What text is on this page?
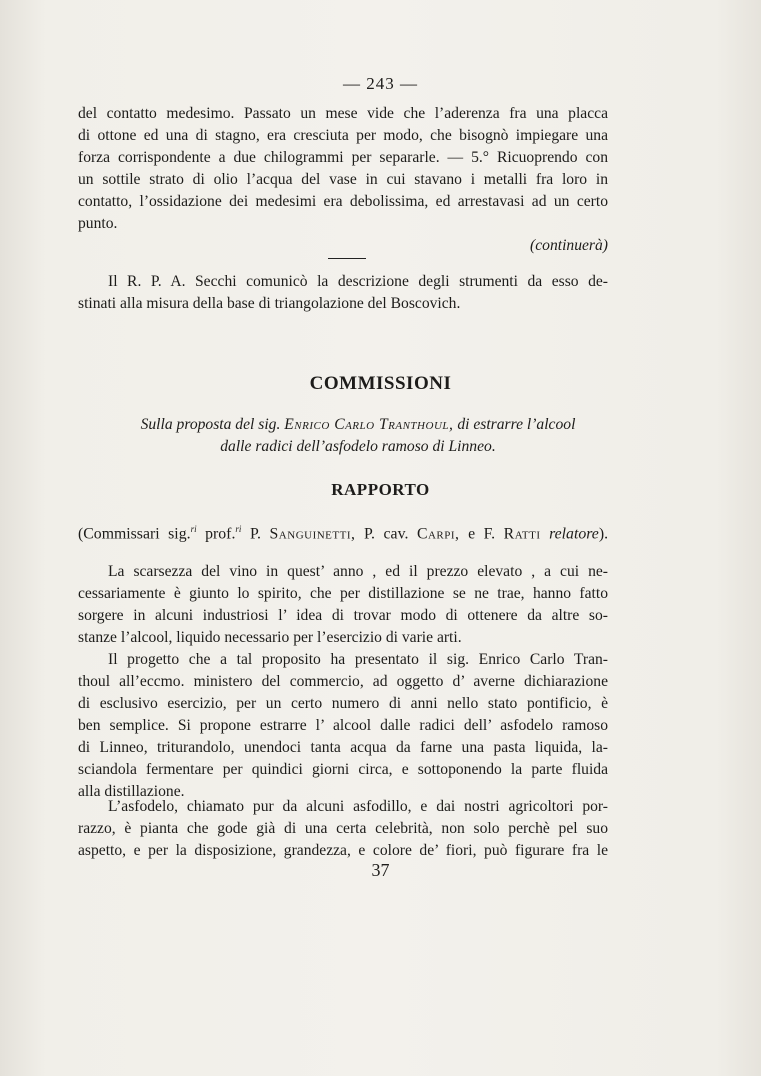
— 243 —
del contatto medesimo. Passato un mese vide che l’aderenza fra una placca
di ottone ed una di stagno, era cresciuta per modo, che bisognò impiegare una
forza corrispondente a due chilogrammi per separarle. — 5.° Ricuoprendo con
un sottile strato di olio l’acqua del vase in cui stavano i metalli fra loro in
contatto, l’ossidazione dei medesimi era debolissima, ed arrestavasi ad un certo
punto.
(continuerà)
Il R. P. A. Secchi comunicò la descrizione degli strumenti da esso de-
stinati alla misura della base di triangolazione del Boscovich.
COMMISSIONI
Sulla proposta del sig. Enrico Carlo Tranthoul, di estrarre l’alcool
dalle radici dell’asfodelo ramoso di Linneo.
RAPPORTO
(Commissari sig.$^{ri}$ prof.$^{ri}$ P. Sanguinetti, P. cav. Carpi, e F. Ratti relatore).
La scarsezza del vino in quest’ anno , ed il prezzo elevato , a cui ne-
cessariamente è giunto lo spirito, che per distillazione se ne trae, hanno fatto
sorgere in alcuni industriosi l’ idea di trovar modo di ottenere da altre so-
stanze l’alcool, liquido necessario per l’esercizio di varie arti.
Il progetto che a tal proposito ha presentato il sig. Enrico Carlo Tran-
thoul all’eccmo. ministero del commercio, ad oggetto d’ averne dichiarazione
di esclusivo esercizio, per un certo numero di anni nello stato pontificio, è
ben semplice. Si propone estrarre l’ alcool dalle radici dell’ asfodelo ramoso
di Linneo, triturandolo, unendoci tanta acqua da farne una pasta liquida, la-
sciandola fermentare per quindici giorni circa, e sottoponendo la parte fluida
alla distillazione.
L’asfodelo, chiamato pur da alcuni asfodillo, e dai nostri agricoltori por-
razzo, è pianta che gode già di una certa celebrità, non solo perchè pel suo
aspetto, e per la disposizione, grandezza, e colore de’ fiori, può figurare fra le
37
